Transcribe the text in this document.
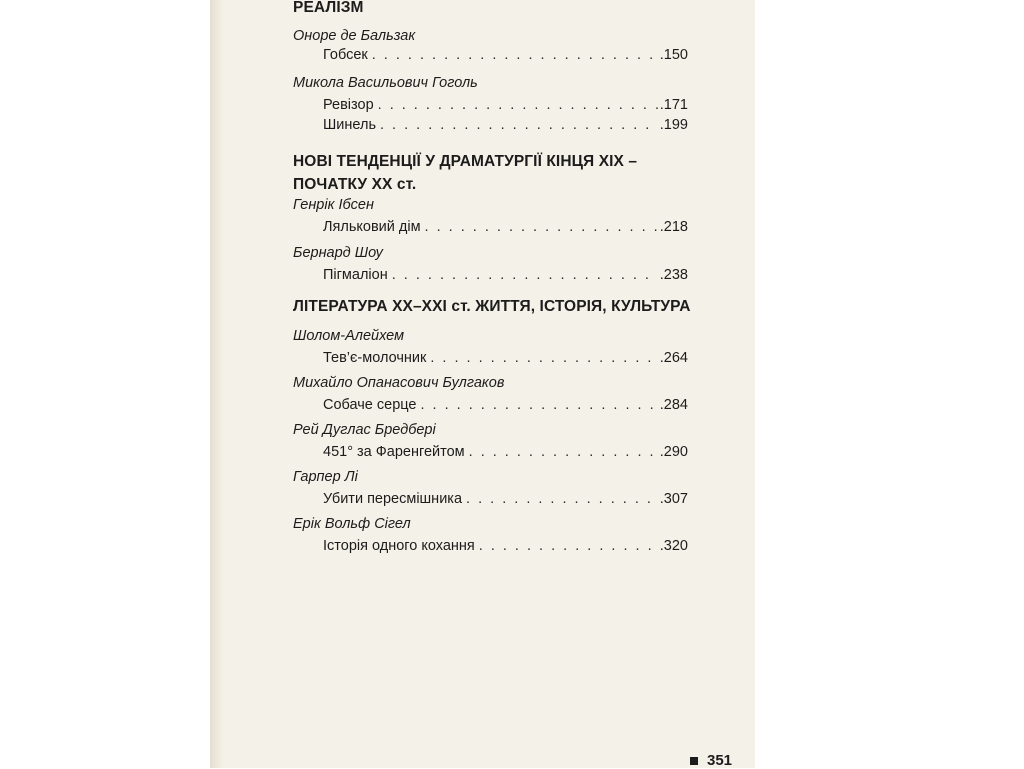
РЕАЛІЗМ

Оноре де Бальзак

Гобсек . . .	.150

Микола Васильович Гоголь

Ревізор . . .	.171
Шинель . . .	.199

НОВІ ТЕНДЕНЦІЇ У ДРАМАТУРГІЇ КІНЦЯ XIX –

ПОЧАТКУ XX ст.

Генрік Ібсен

Ляльковий дім . . .	.218

Бернард Шоу

Пігмаліон . . .	.238

ЛІТЕРАТУРА XX–XXI ст. ЖИТТЯ, ІСТОРІЯ, КУЛЬТУРА

Шолом-Алейхем

Тев’є-молочник . . .	.264

Михайло Опанасович Булгаков

Собаче серце . . .	.284

Рей Дуглас Бредбері

451° за Фаренгейтом . . .	.290

Гарпер Лі

Убити пересмішника . . .	.307

Ерік Вольф Сігел

Історія одного кохання . . .	.320
351
